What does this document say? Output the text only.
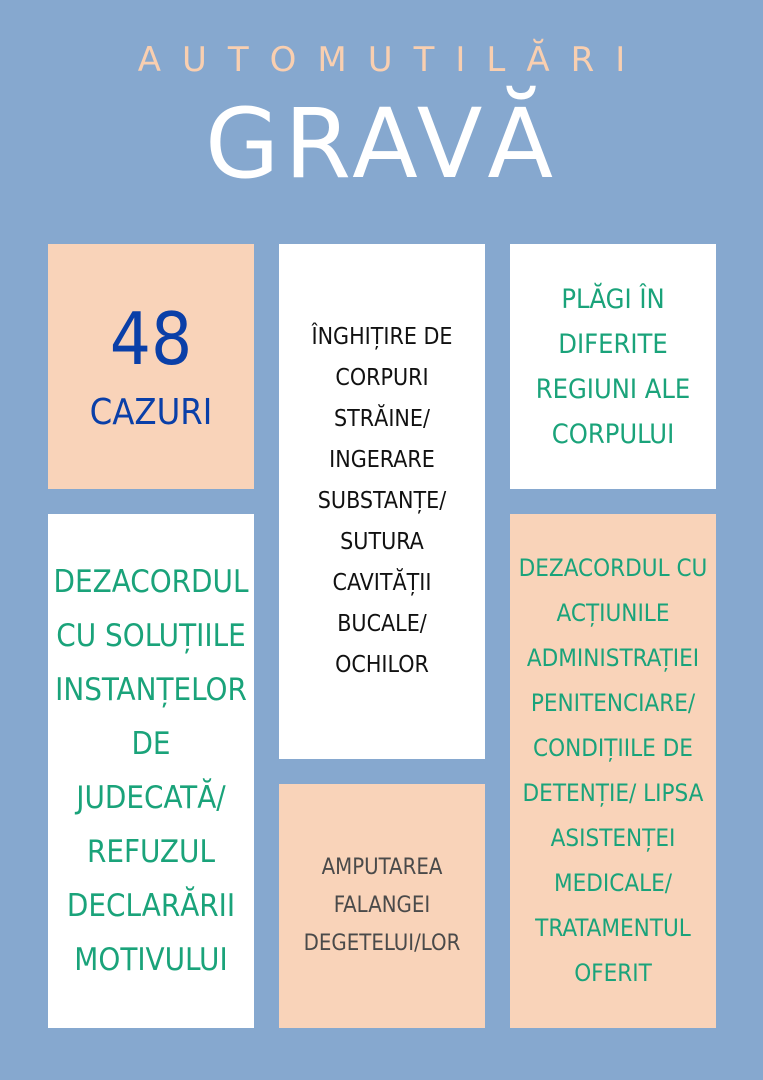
AUTOMUTILĂRI
GRAVĂ
48
CAZURI
ÎNGHIȚIRE DE
CORPURI
STRĂINE/
INGERARE
SUBSTANȚE/
SUTURA
CAVITĂȚII
BUCALE/
OCHILOR
PLĂGI ÎN
DIFERITE
REGIUNI ALE
CORPULUI
DEZACORDUL
CU SOLUȚIILE
INSTANȚELOR
DE
JUDECATĂ/
REFUZUL
DECLARĂRII
MOTIVULUI
AMPUTAREA
FALANGEI
DEGETELUI/LOR
DEZACORDUL CU
ACȚIUNILE
ADMINISTRAȚIEI
PENITENCIARE/
CONDIȚIILE DE
DETENȚIE/ LIPSA
ASISTENȚEI
MEDICALE/
TRATAMENTUL
OFERIT
